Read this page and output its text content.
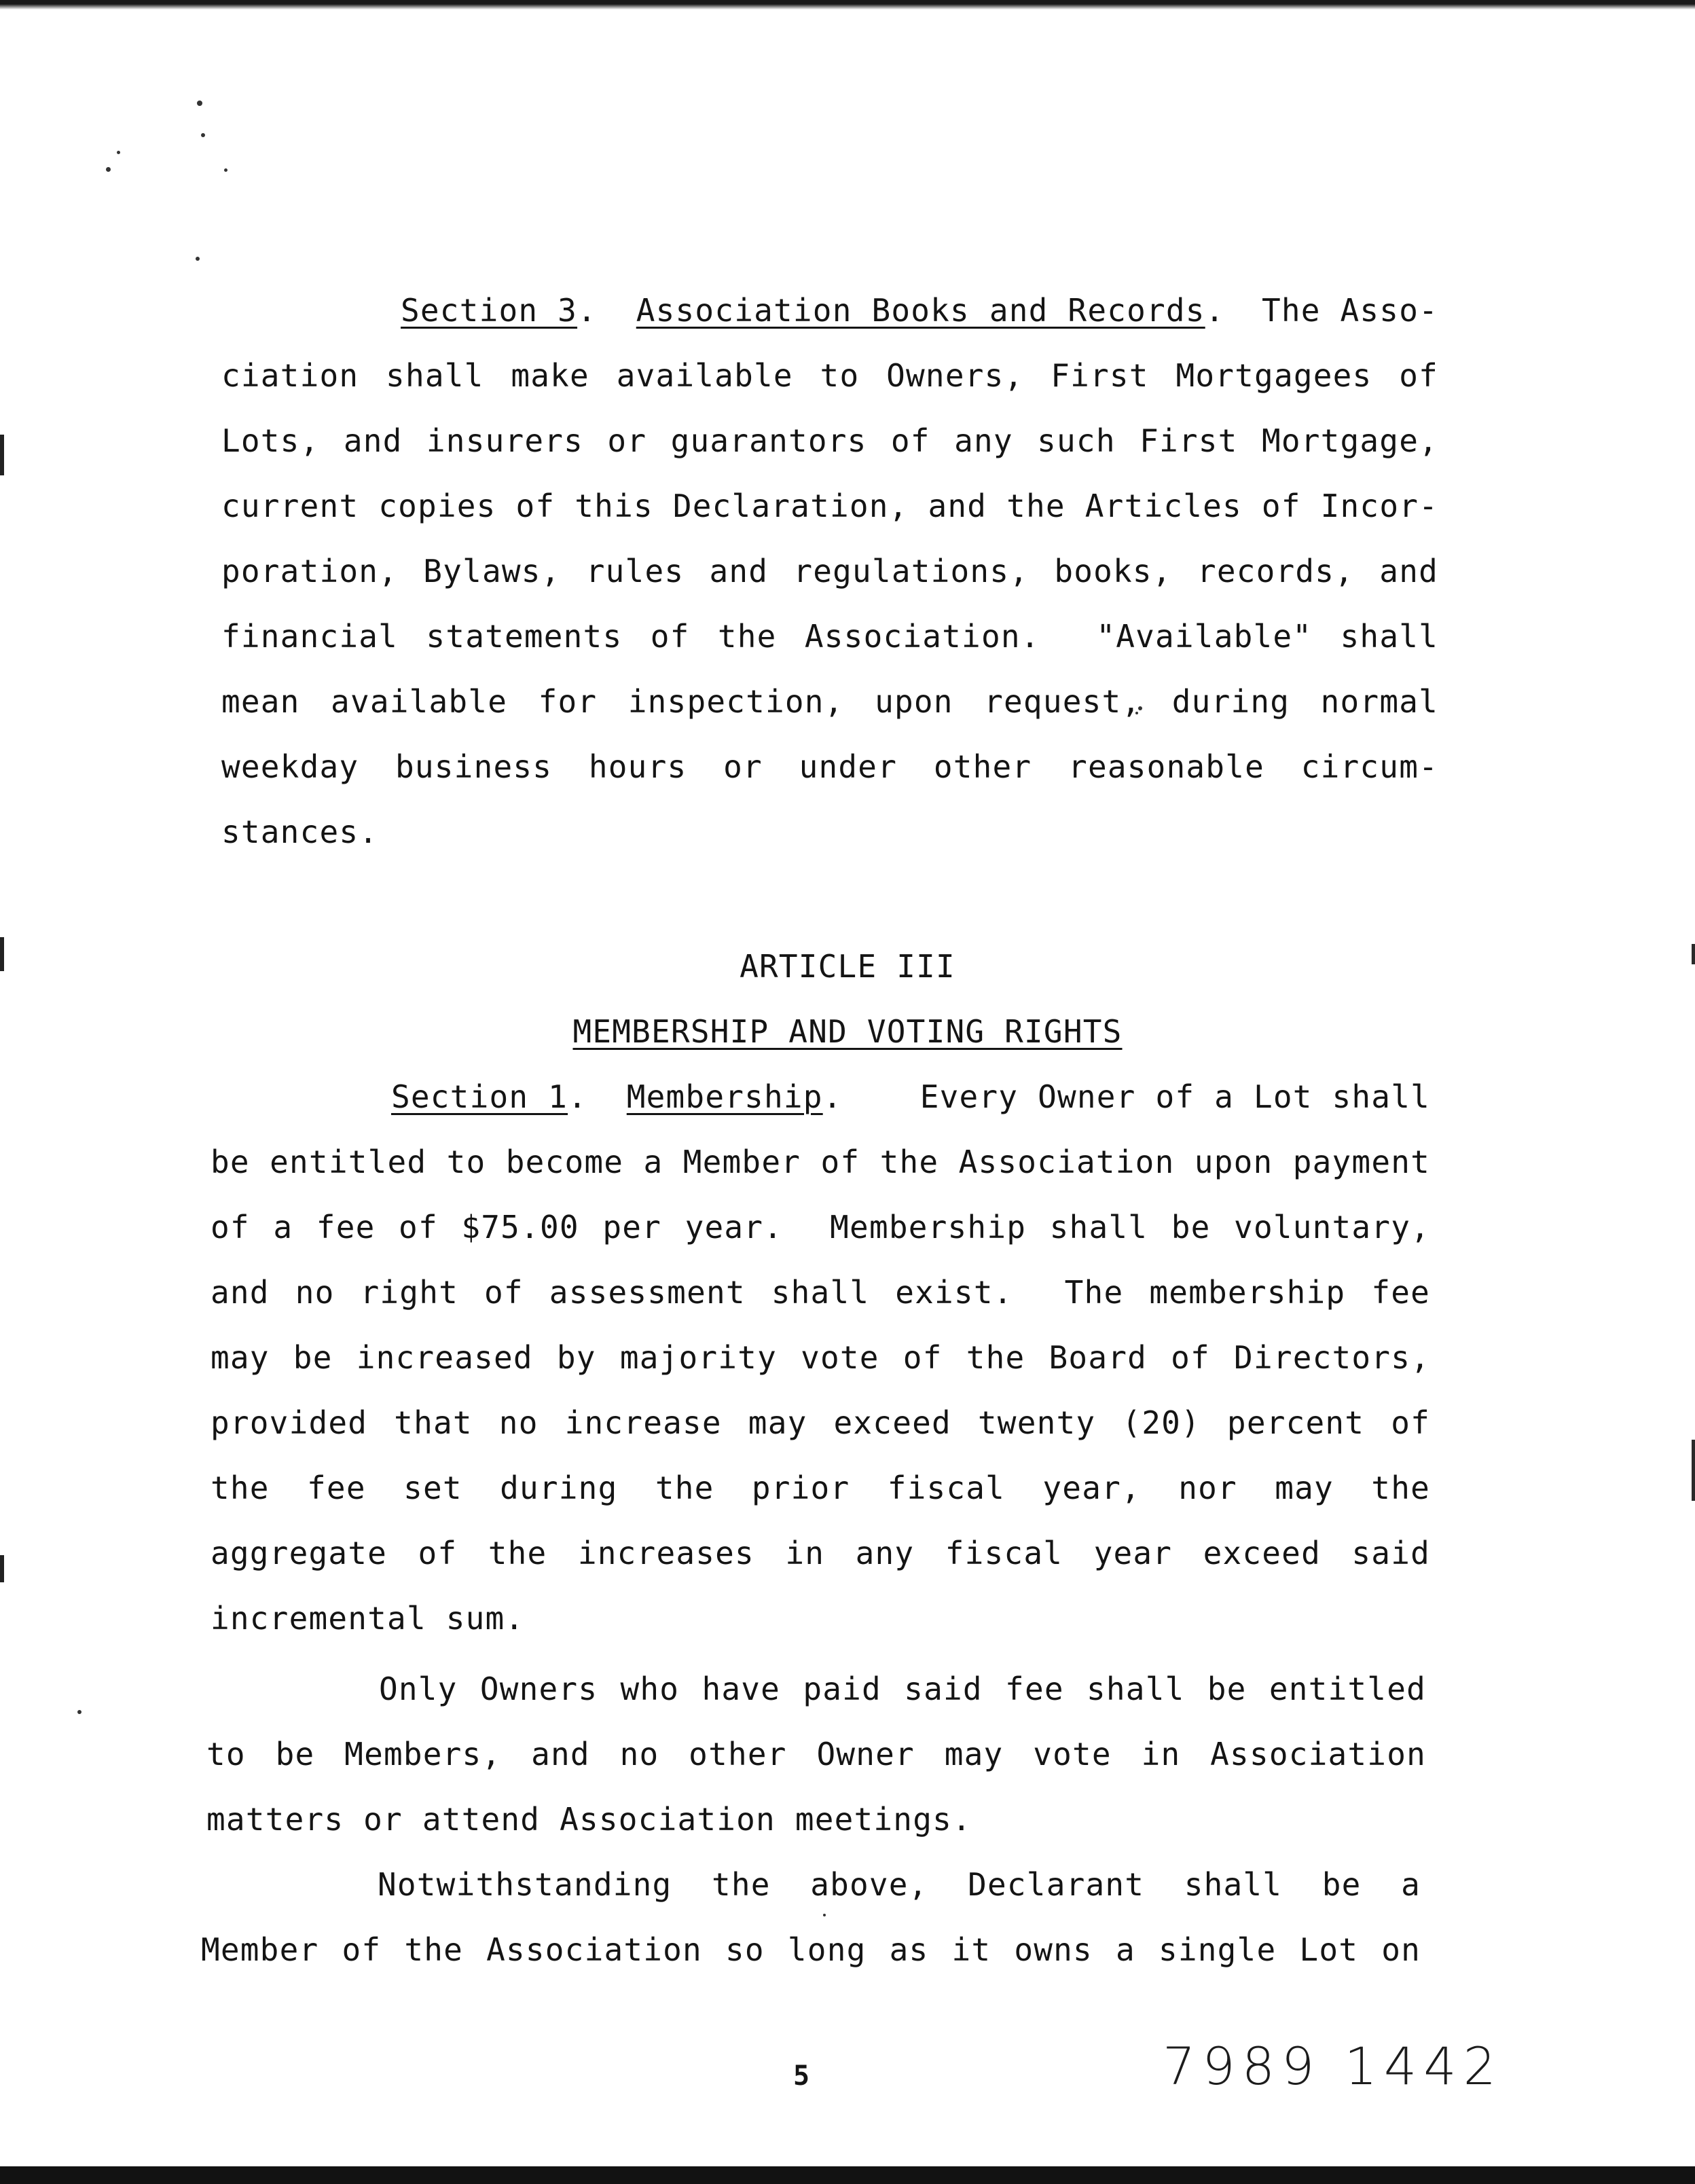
Section 3.  Association Books and Records. The Asso-
ciation shall make available to Owners, First Mortgagees of
Lots, and insurers or guarantors of any such First Mortgage,
current copies of this Declaration, and the Articles of Incor-
poration, Bylaws, rules and regulations, books, records, and
financial statements of the Association.  "Available" shall
mean available for inspection, upon request, during normal
weekday business hours or under other reasonable circum-
stances.
ARTICLE III
MEMBERSHIP AND VOTING RIGHTS
Section 1.  Membership. Every Owner of a Lot shall
be entitled to become a Member of the Association upon payment
of a fee of $75.00 per year.  Membership shall be voluntary,
and no right of assessment shall exist.  The membership fee
may be increased by majority vote of the Board of Directors,
provided that no increase may exceed twenty (20) percent of
the fee set during the prior fiscal year, nor may the
aggregate of the increases in any fiscal year exceed said
incremental sum.
Only Owners who have paid said fee shall be entitled
to be Members, and no other Owner may vote in Association
matters or attend Association meetings.
Notwithstanding the above, Declarant shall be a
Member of the Association so long as it owns a single Lot on
5	7989 1442
